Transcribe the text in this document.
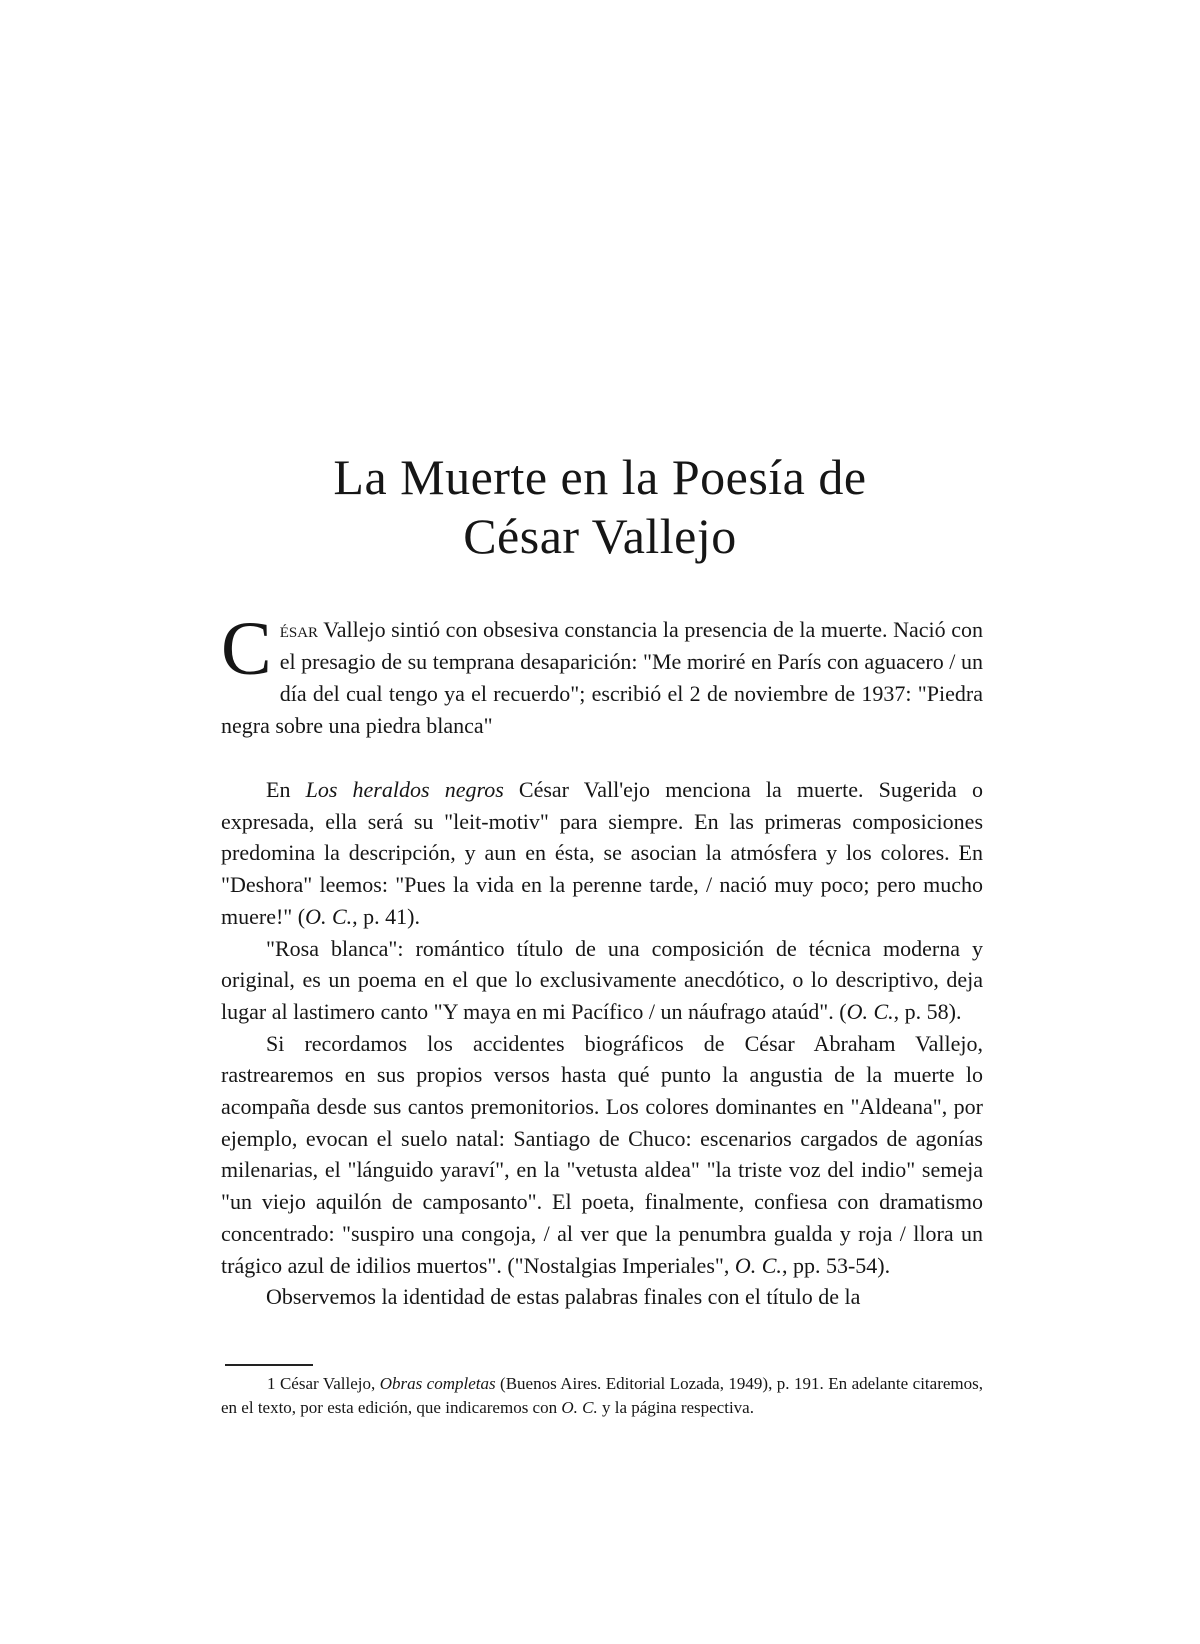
La Muerte en la Poesía de
César Vallejo
C ésar Vallejo sintió con obsesiva constancia la presencia de la muerte. Nació con el presagio de su temprana desaparición: "Me moriré en París con aguacero / un día del cual tengo ya el recuerdo"; escribió el 2 de noviembre de 1937: "Piedra negra sobre una piedra blanca"

En Los heraldos negros César Vall'ejo menciona la muerte. Sugerida o expresada, ella será su "leit-motiv" para siempre. En las primeras composiciones predomina la descripción, y aun en ésta, se asocian la atmósfera y los colores. En "Deshora" leemos: "Pues la vida en la perenne tarde, / nació muy poco; pero mucho muere!" (O. C., p. 41).

"Rosa blanca": romántico título de una composición de técnica moderna y original, es un poema en el que lo exclusivamente anecdótico, o lo descriptivo, deja lugar al lastimero canto "Y maya en mi Pacífico / un náufrago ataúd". (O. C., p. 58).

Si recordamos los accidentes biográficos de César Abraham Vallejo, rastrearemos en sus propios versos hasta qué punto la angustia de la muerte lo acompaña desde sus cantos premonitorios. Los colores dominantes en "Aldeana", por ejemplo, evocan el suelo natal: Santiago de Chuco: escenarios cargados de agonías milenarias, el "lánguido yaraví", en la "vetusta aldea" "la triste voz del indio" semeja "un viejo aquilón de camposanto". El poeta, finalmente, confiesa con dramatismo concentrado: "suspiro una congoja, / al ver que la penumbra gualda y roja / llora un trágico azul de idilios muertos". ("Nostalgias Imperiales", O. C., pp. 53-54).

Observemos la identidad de estas palabras finales con el título de la

1 César Vallejo, Obras completas (Buenos Aires. Editorial Lozada, 1949), p. 191. En adelante citaremos, en el texto, por esta edición, que indicaremos con O. C. y la página respectiva.
